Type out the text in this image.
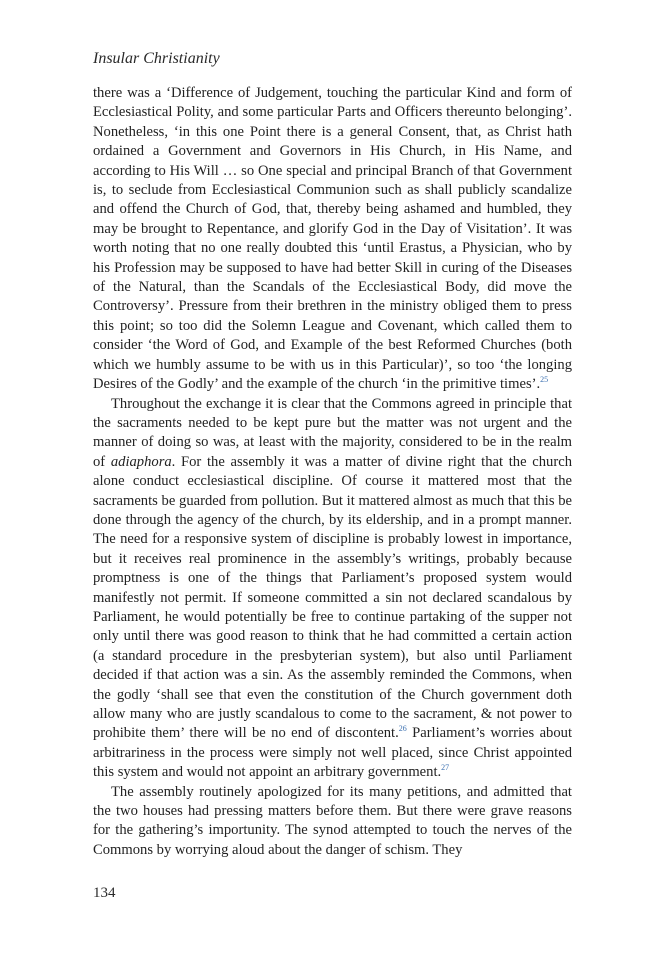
Insular Christianity

there was a ‘Difference of Judgement, touching the particular Kind and form of Ecclesiastical Polity, and some particular Parts and Officers thereunto belonging’. Nonetheless, ‘in this one Point there is a general Consent, that, as Christ hath ordained a Government and Governors in His Church, in His Name, and according to His Will … so One special and principal Branch of that Government is, to seclude from Ecclesiastical Communion such as shall publicly scandalize and offend the Church of God, that, thereby being ashamed and humbled, they may be brought to Repentance, and glorify God in the Day of Visitation’. It was worth noting that no one really doubted this ‘until Erastus, a Physician, who by his Profession may be supposed to have had better Skill in curing of the Diseases of the Natural, than the Scandals of the Ecclesiastical Body, did move the Controversy’. Pressure from their brethren in the ministry obliged them to press this point; so too did the Solemn League and Covenant, which called them to consider ‘the Word of God, and Example of the best Reformed Churches (both which we humbly assume to be with us in this Particular)’, so too ‘the longing Desires of the Godly’ and the example of the church ‘in the primitive times’.$^{25}$

Throughout the exchange it is clear that the Commons agreed in principle that the sacraments needed to be kept pure but the matter was not urgent and the manner of doing so was, at least with the majority, considered to be in the realm of adiaphora. For the assembly it was a matter of divine right that the church alone conduct ecclesiastical discipline. Of course it mattered most that the sacraments be guarded from pollution. But it mattered almost as much that this be done through the agency of the church, by its eldership, and in a prompt manner. The need for a responsive system of discipline is probably lowest in importance, but it receives real prominence in the assembly’s writings, probably because promptness is one of the things that Parliament’s proposed system would manifestly not permit. If someone committed a sin not declared scandalous by Parliament, he would potentially be free to continue partaking of the supper not only until there was good reason to think that he had committed a certain action (a standard procedure in the presbyterian system), but also until Parliament decided if that action was a sin. As the assembly reminded the Commons, when the godly ‘shall see that even the constitution of the Church government doth allow many who are justly scandalous to come to the sacrament, & not power to prohibite them’ there will be no end of discontent.$^{26}$ Parliament’s worries about arbitrariness in the process were simply not well placed, since Christ appointed this system and would not appoint an arbitrary government.$^{27}$

The assembly routinely apologized for its many petitions, and admitted that the two houses had pressing matters before them. But there were grave reasons for the gathering’s importunity. The synod attempted to touch the nerves of the Commons by worrying aloud about the danger of schism. They

134
